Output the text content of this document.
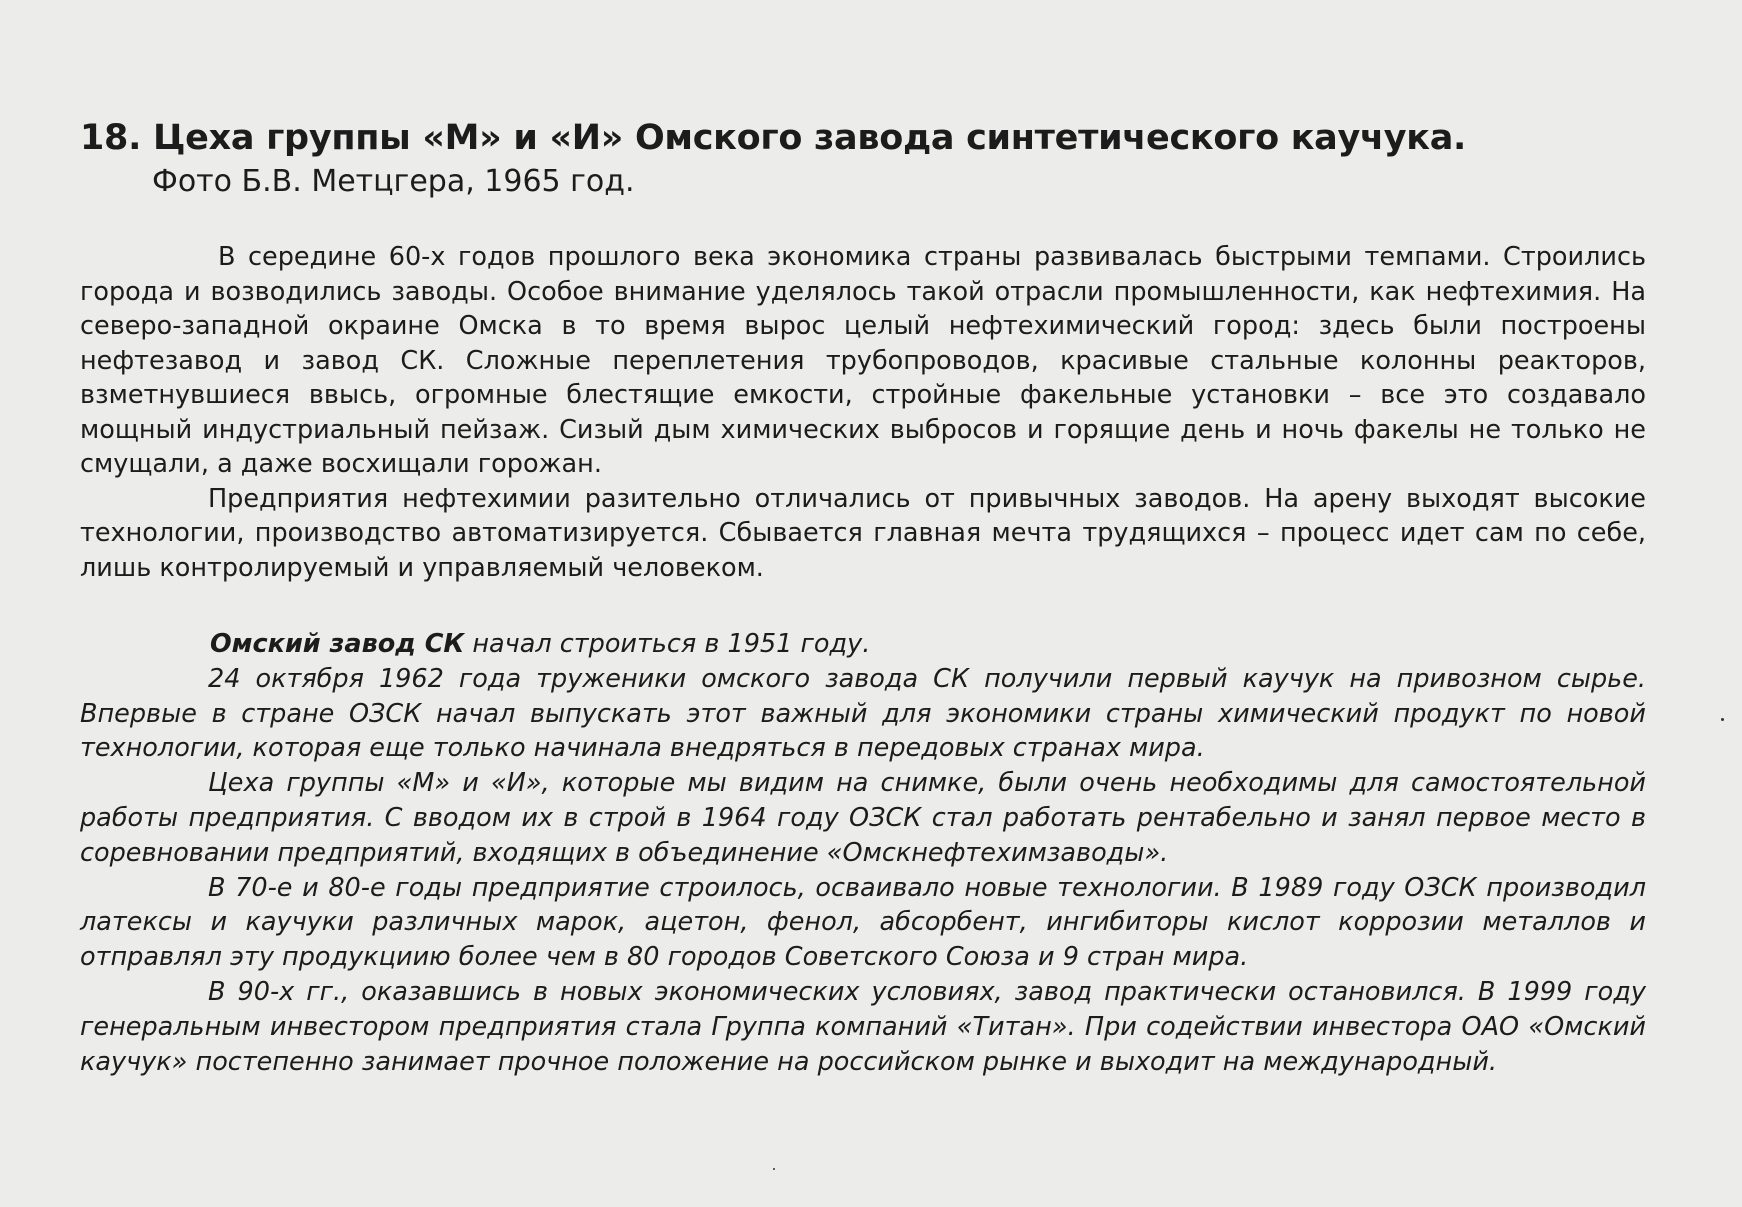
18. Цеха группы «М» и «И» Омского завода синтетического каучука.
Фото Б.В. Метцгера, 1965 год.

В середине 60-х годов прошлого века экономика страны развивалась быстрыми темпами. Строились города и возводились заводы. Особое внимание уделялось такой отрасли промышленности, как нефтехимия. На северо-западной окраине Омска в то время вырос целый нефтехимический город: здесь были построены нефтезавод и завод СК. Сложные переплетения трубопроводов, красивые стальные колонны реакторов, взметнувшиеся ввысь, огромные блестящие емкости, стройные факельные установки – все это создавало мощный индустриальный пейзаж. Сизый дым химических выбросов и горящие день и ночь факелы не только не смущали, а даже восхищали горожан.

Предприятия нефтехимии разительно отличались от привычных заводов. На арену выходят высокие технологии, производство автоматизируется. Сбывается главная мечта трудящихся – процесс идет сам по себе, лишь контролируемый и управляемый человеком.

Омский завод СК начал строиться в 1951 году.

24 октября 1962 года труженики омского завода СК получили первый каучук на привозном сырье. Впервые в стране ОЗСК начал выпускать этот важный для экономики страны химический продукт по новой технологии, которая еще только начинала внедряться в передовых странах мира.

Цеха группы «М» и «И», которые мы видим на снимке, были очень необходимы для самостоятельной работы предприятия. С вводом их в строй в 1964 году ОЗСК стал работать рентабельно и занял первое место в соревновании предприятий, входящих в объединение «Омскнефтехимзаводы».

В 70-е и 80-е годы предприятие строилось, осваивало новые технологии. В 1989 году ОЗСК производил латексы и каучуки различных марок, ацетон, фенол, абсорбент, ингибиторы кислот коррозии металлов и отправлял эту продукциию более чем в 80 городов Советского Союза и 9 стран мира.

В 90-х гг., оказавшись в новых экономических условиях, завод практически остановился. В 1999 году генеральным инвестором предприятия стала Группа компаний «Титан». При содействии инвестора ОАО «Омский каучук» постепенно занимает прочное положение на российском рынке и выходит на международный.
